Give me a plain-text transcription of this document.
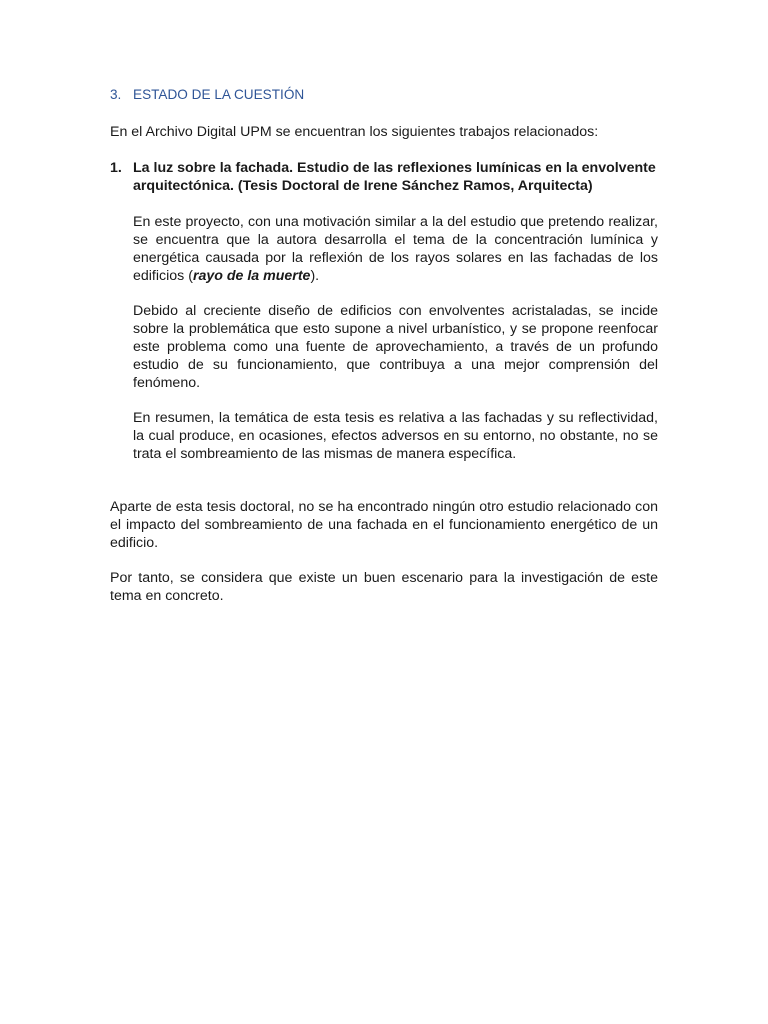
3. ESTADO DE LA CUESTIÓN

En el Archivo Digital UPM se encuentran los siguientes trabajos relacionados:

1. La luz sobre la fachada. Estudio de las reflexiones lumínicas en la envolvente arquitectónica. (Tesis Doctoral de Irene Sánchez Ramos, Arquitecta)

En este proyecto, con una motivación similar a la del estudio que pretendo realizar, se encuentra que la autora desarrolla el tema de la concentración lumínica y energética causada por la reflexión de los rayos solares en las fachadas de los edificios (rayo de la muerte).

Debido al creciente diseño de edificios con envolventes acristaladas, se incide sobre la problemática que esto supone a nivel urbanístico, y se propone reenfocar este problema como una fuente de aprovechamiento, a través de un profundo estudio de su funcionamiento, que contribuya a una mejor comprensión del fenómeno.

En resumen, la temática de esta tesis es relativa a las fachadas y su reflectividad, la cual produce, en ocasiones, efectos adversos en su entorno, no obstante, no se trata el sombreamiento de las mismas de manera específica.

Aparte de esta tesis doctoral, no se ha encontrado ningún otro estudio relacionado con el impacto del sombreamiento de una fachada en el funcionamiento energético de un edificio.

Por tanto, se considera que existe un buen escenario para la investigación de este tema en concreto.
